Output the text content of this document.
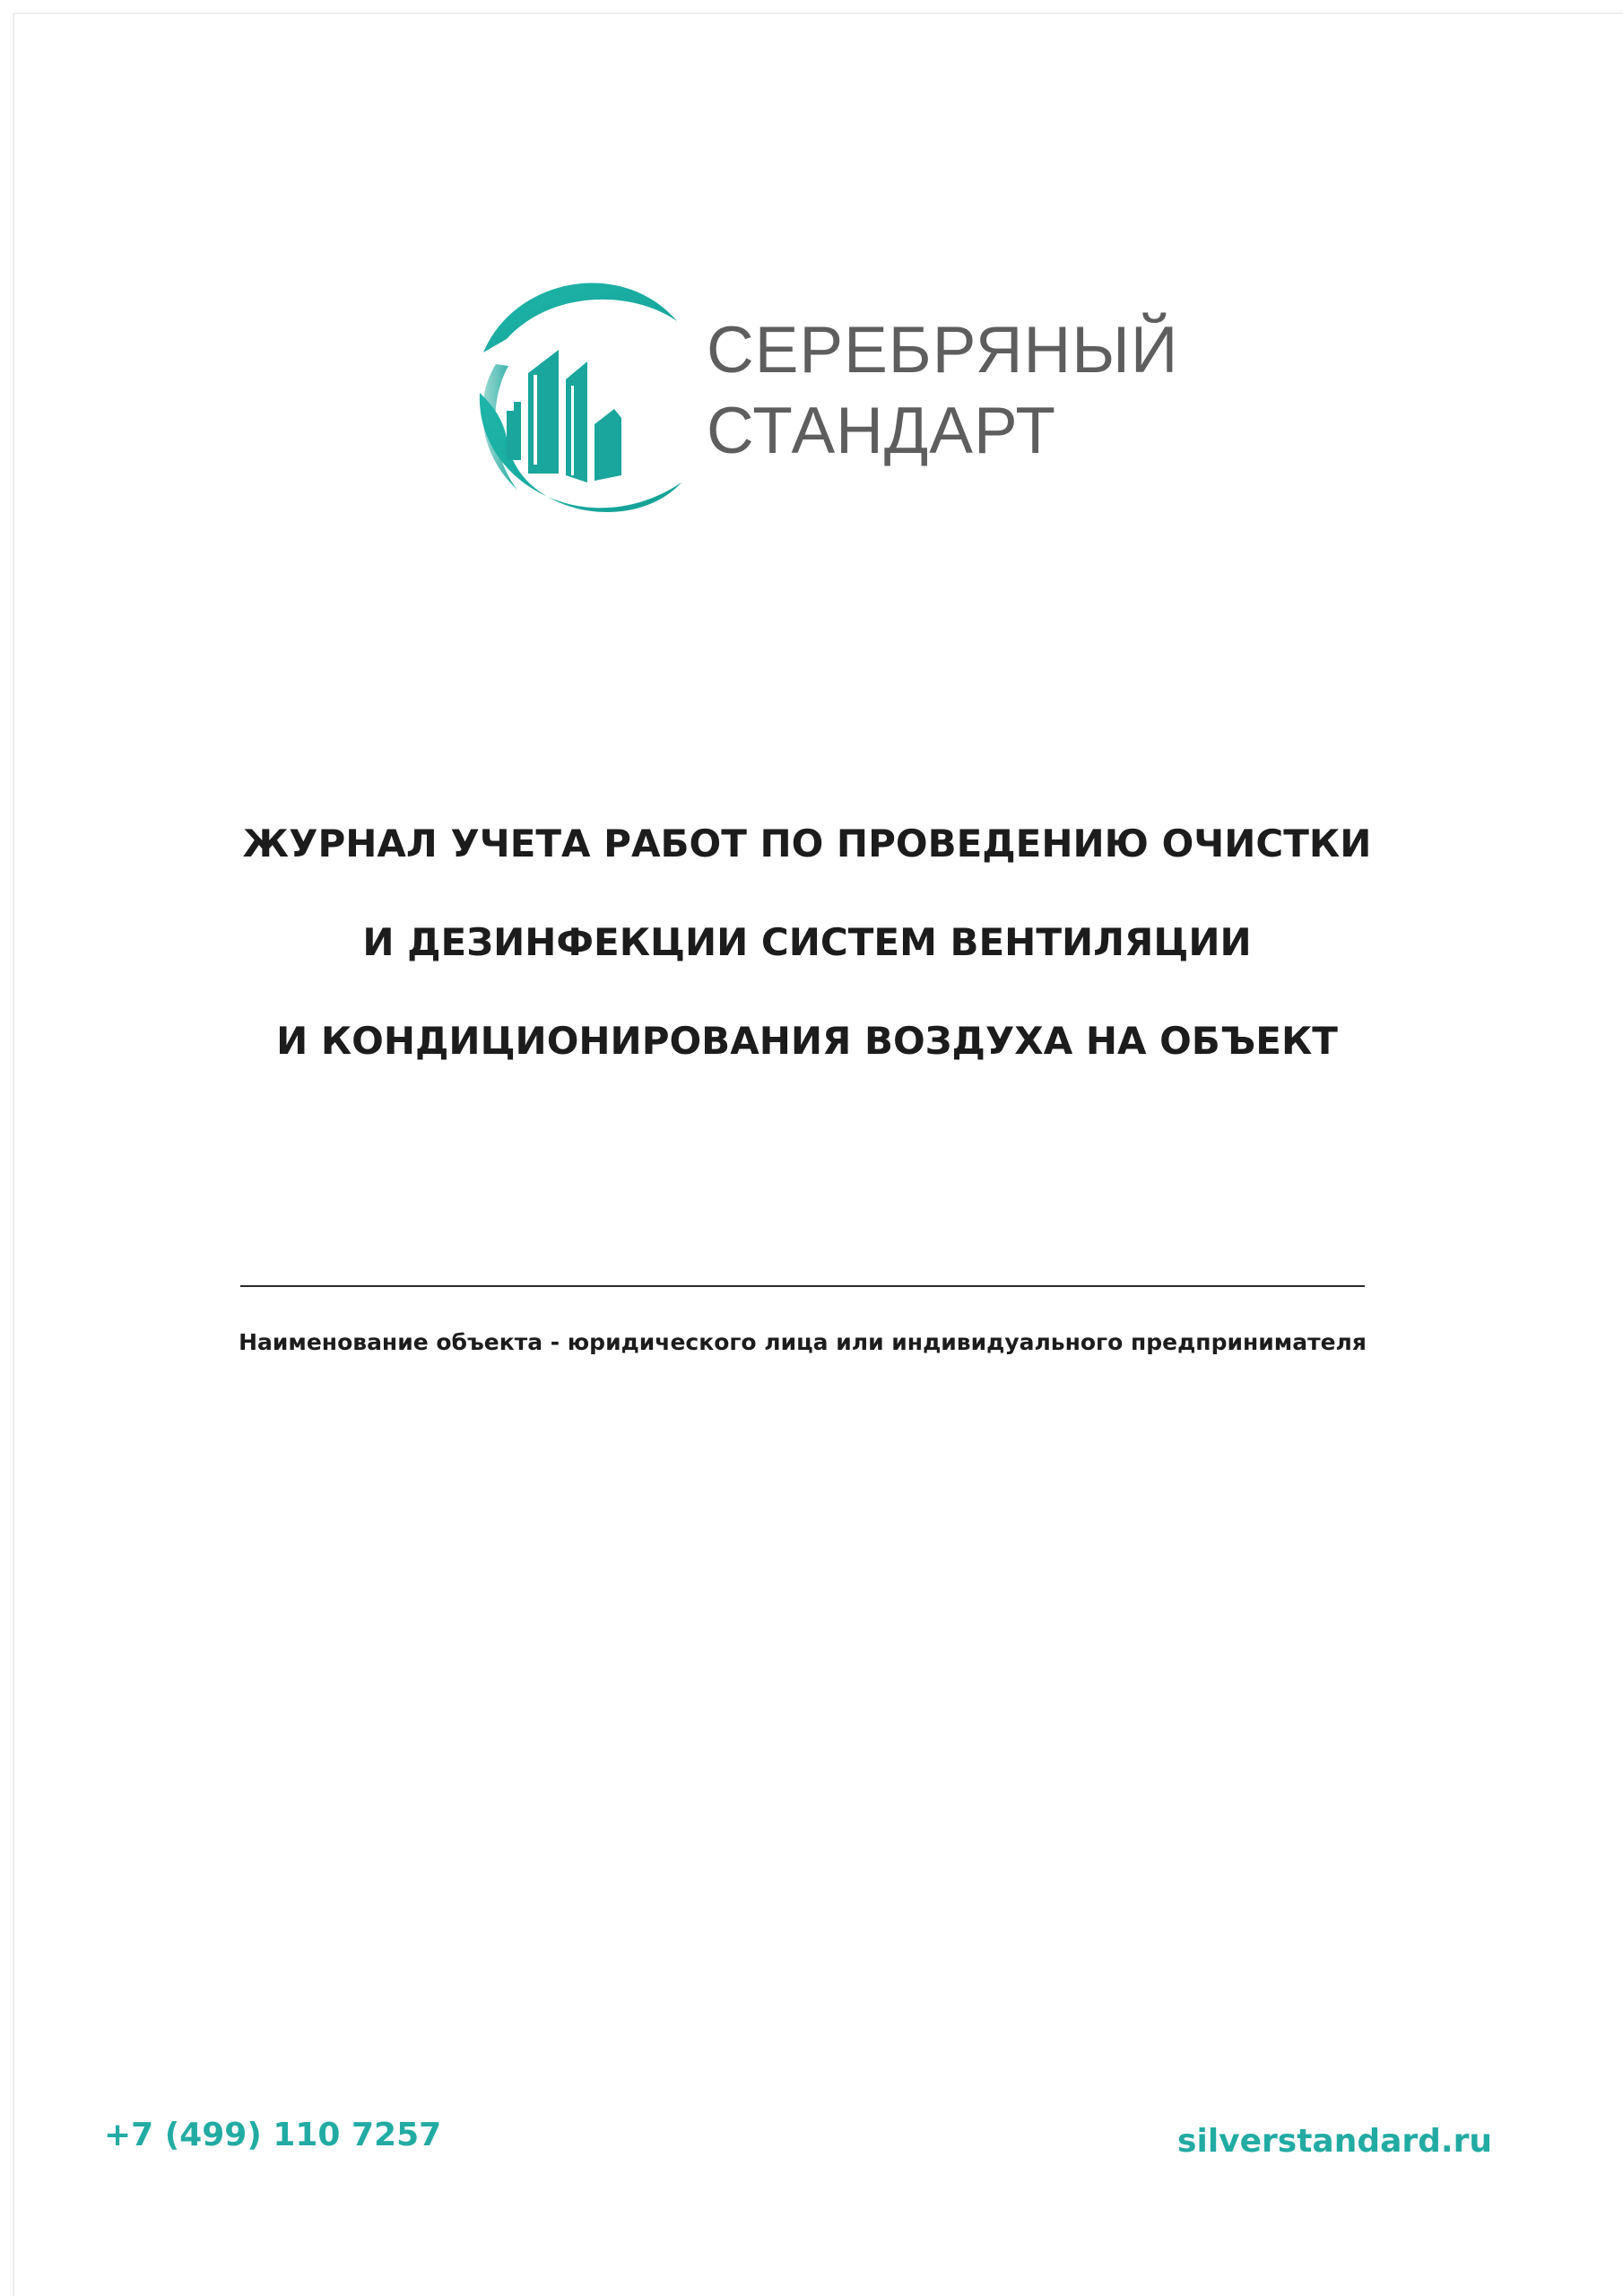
СЕРЕБРЯНЫЙ
СТАНДАРТ
ЖУРНАЛ УЧЕТА РАБОТ ПО ПРОВЕДЕНИЮ ОЧИСТКИ
И ДЕЗИНФЕКЦИИ СИСТЕМ ВЕНТИЛЯЦИИ
И КОНДИЦИОНИРОВАНИЯ ВОЗДУХА НА ОБЪЕКТ
Наименование объекта - юридического лица или индивидуального предпринимателя
+7 (499) 110 7257	silverstandard.ru
